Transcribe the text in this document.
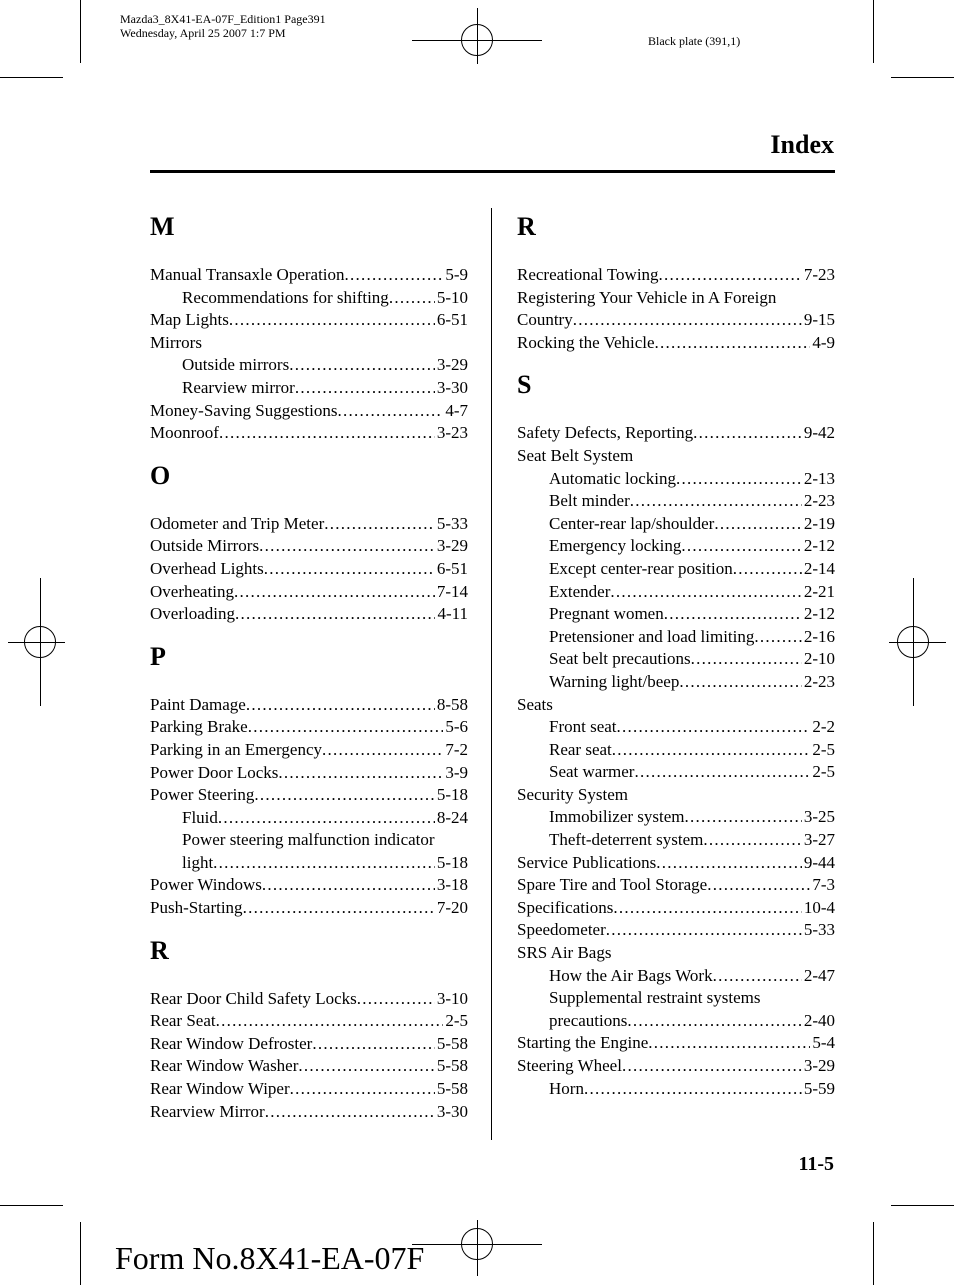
Mazda3_8X41-EA-07F_Edition1 Page391
Wednesday, April 25 2007 1:7 PM
Black plate (391,1)
Index
M
Manual Transaxle Operation . . .	5-9
Recommendations for shifting . . .	5-10
Map Lights . . .	6-51
Mirrors
Outside mirrors . . .	3-29
Rearview mirror . . .	3-30
Money-Saving Suggestions . . .	4-7
Moonroof . . .	3-23
O
Odometer and Trip Meter . . .	5-33
Outside Mirrors . . .	3-29
Overhead Lights . . .	6-51
Overheating . . .	7-14
Overloading . . .	4-11
P
Paint Damage . . .	8-58
Parking Brake . . .	5-6
Parking in an Emergency . . .	7-2
Power Door Locks . . .	3-9
Power Steering . . .	5-18
Fluid . . .	8-24
Power steering malfunction indicator
light . . .	5-18
Power Windows . . .	3-18
Push-Starting . . .	7-20
R
Rear Door Child Safety Locks . . .	3-10
Rear Seat . . .	2-5
Rear Window Defroster . . .	5-58
Rear Window Washer . . .	5-58
Rear Window Wiper . . .	5-58
Rearview Mirror . . .	3-30
R
Recreational Towing . . .	7-23
Registering Your Vehicle in A Foreign
Country . . .	9-15
Rocking the Vehicle . . .	4-9
S
Safety Defects, Reporting . . .	9-42
Seat Belt System
Automatic locking . . .	2-13
Belt minder . . .	2-23
Center-rear lap/shoulder . . .	2-19
Emergency locking . . .	2-12
Except center-rear position . . .	2-14
Extender . . .	2-21
Pregnant women . . .	2-12
Pretensioner and load limiting . . .	2-16
Seat belt precautions . . .	2-10
Warning light/beep . . .	2-23
Seats
Front seat . . .	2-2
Rear seat . . .	2-5
Seat warmer . . .	2-5
Security System
Immobilizer system . . .	3-25
Theft-deterrent system . . .	3-27
Service Publications . . .	9-44
Spare Tire and Tool Storage . . .	7-3
Specifications . . .	10-4
Speedometer . . .	5-33
SRS Air Bags
How the Air Bags Work . . .	2-47
Supplemental restraint systems
precautions . . .	2-40
Starting the Engine . . .	5-4
Steering Wheel . . .	3-29
Horn . . .	5-59
11-5
Form No.8X41-EA-07F
